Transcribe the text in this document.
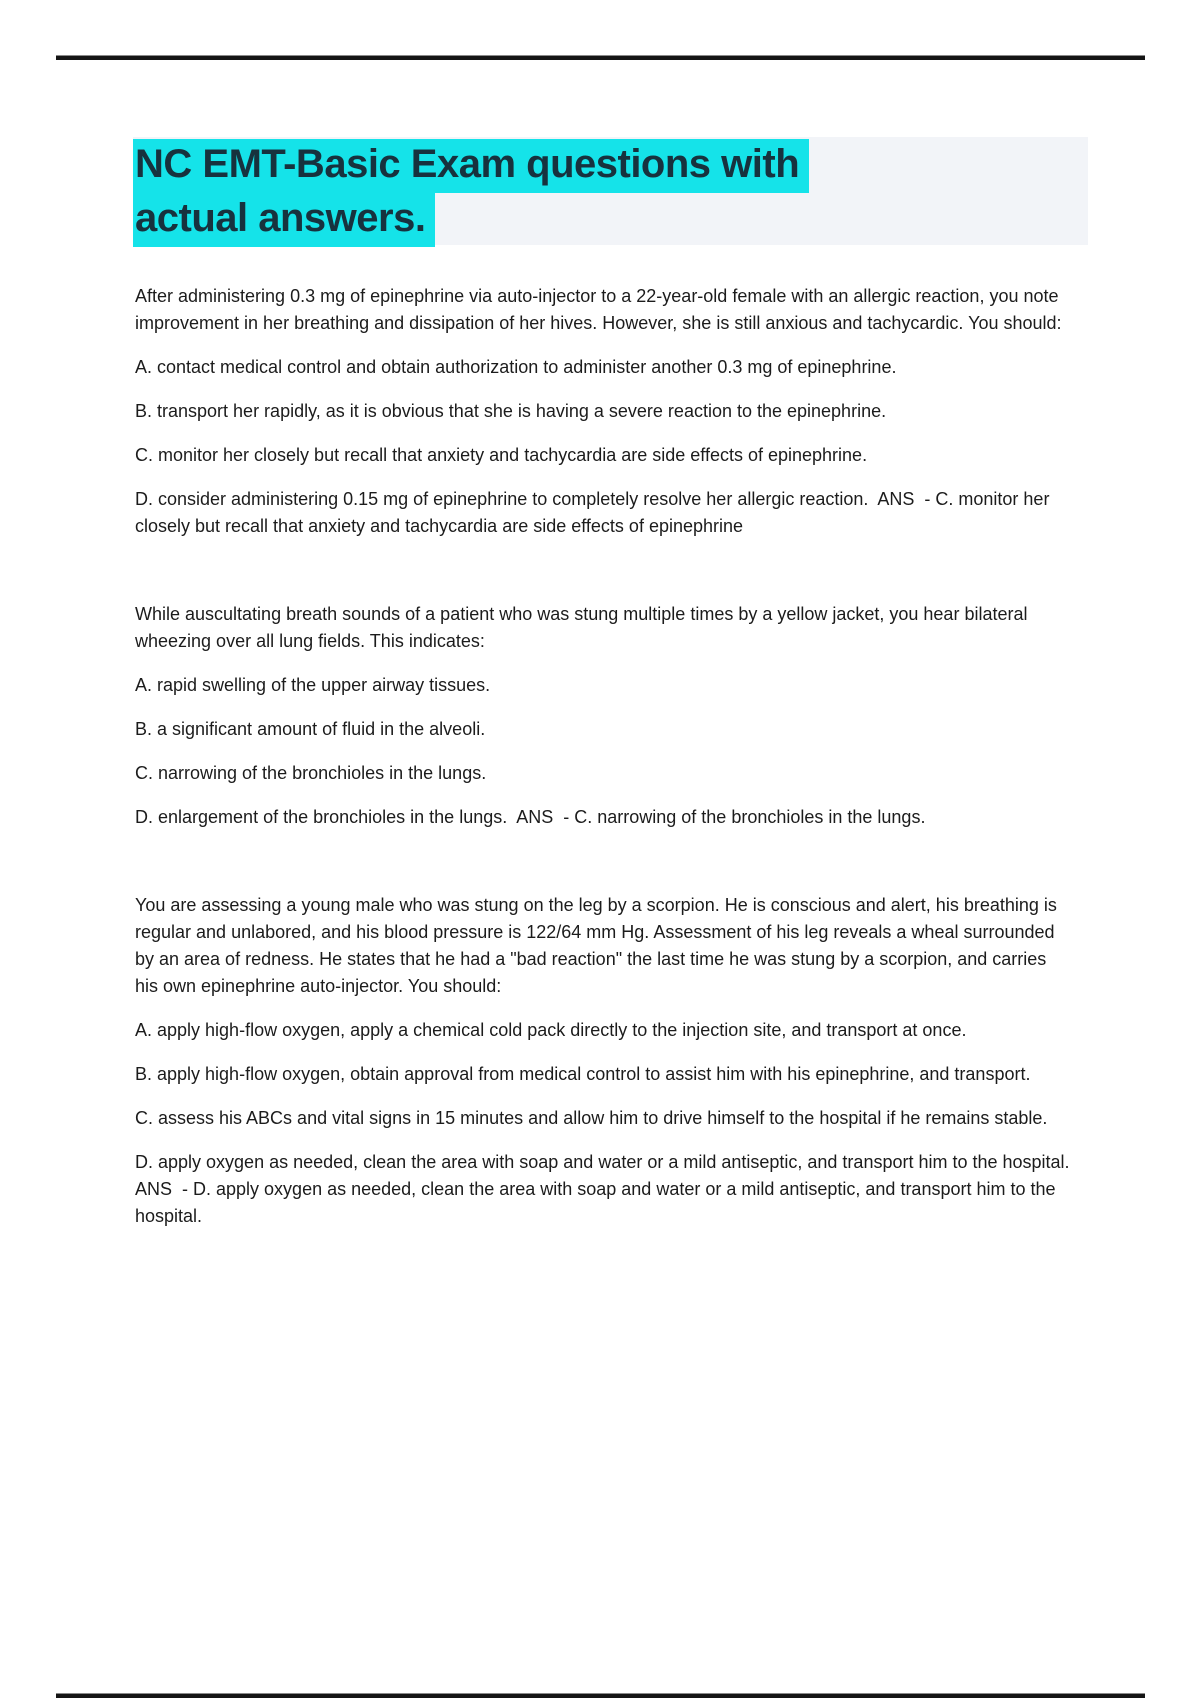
NC EMT-Basic Exam questions with
actual answers.

After administering 0.3 mg of epinephrine via auto-injector to a 22-year-old female with an allergic reaction, you note improvement in her breathing and dissipation of her hives. However, she is still anxious and tachycardic. You should:

A. contact medical control and obtain authorization to administer another 0.3 mg of epinephrine.

B. transport her rapidly, as it is obvious that she is having a severe reaction to the epinephrine.

C. monitor her closely but recall that anxiety and tachycardia are side effects of epinephrine.

D. consider administering 0.15 mg of epinephrine to completely resolve her allergic reaction.  ANS  - C. monitor her closely but recall that anxiety and tachycardia are side effects of epinephrine

While auscultating breath sounds of a patient who was stung multiple times by a yellow jacket, you hear bilateral wheezing over all lung fields. This indicates:

A. rapid swelling of the upper airway tissues.

B. a significant amount of fluid in the alveoli.

C. narrowing of the bronchioles in the lungs.

D. enlargement of the bronchioles in the lungs.  ANS  - C. narrowing of the bronchioles in the lungs.

You are assessing a young male who was stung on the leg by a scorpion. He is conscious and alert, his breathing is regular and unlabored, and his blood pressure is 122/64 mm Hg. Assessment of his leg reveals a wheal surrounded by an area of redness. He states that he had a "bad reaction" the last time he was stung by a scorpion, and carries his own epinephrine auto-injector. You should:

A. apply high-flow oxygen, apply a chemical cold pack directly to the injection site, and transport at once.

B. apply high-flow oxygen, obtain approval from medical control to assist him with his epinephrine, and transport.

C. assess his ABCs and vital signs in 15 minutes and allow him to drive himself to the hospital if he remains stable.

D. apply oxygen as needed, clean the area with soap and water or a mild antiseptic, and transport him to the hospital.  ANS  - D. apply oxygen as needed, clean the area with soap and water or a mild antiseptic, and transport him to the hospital.
